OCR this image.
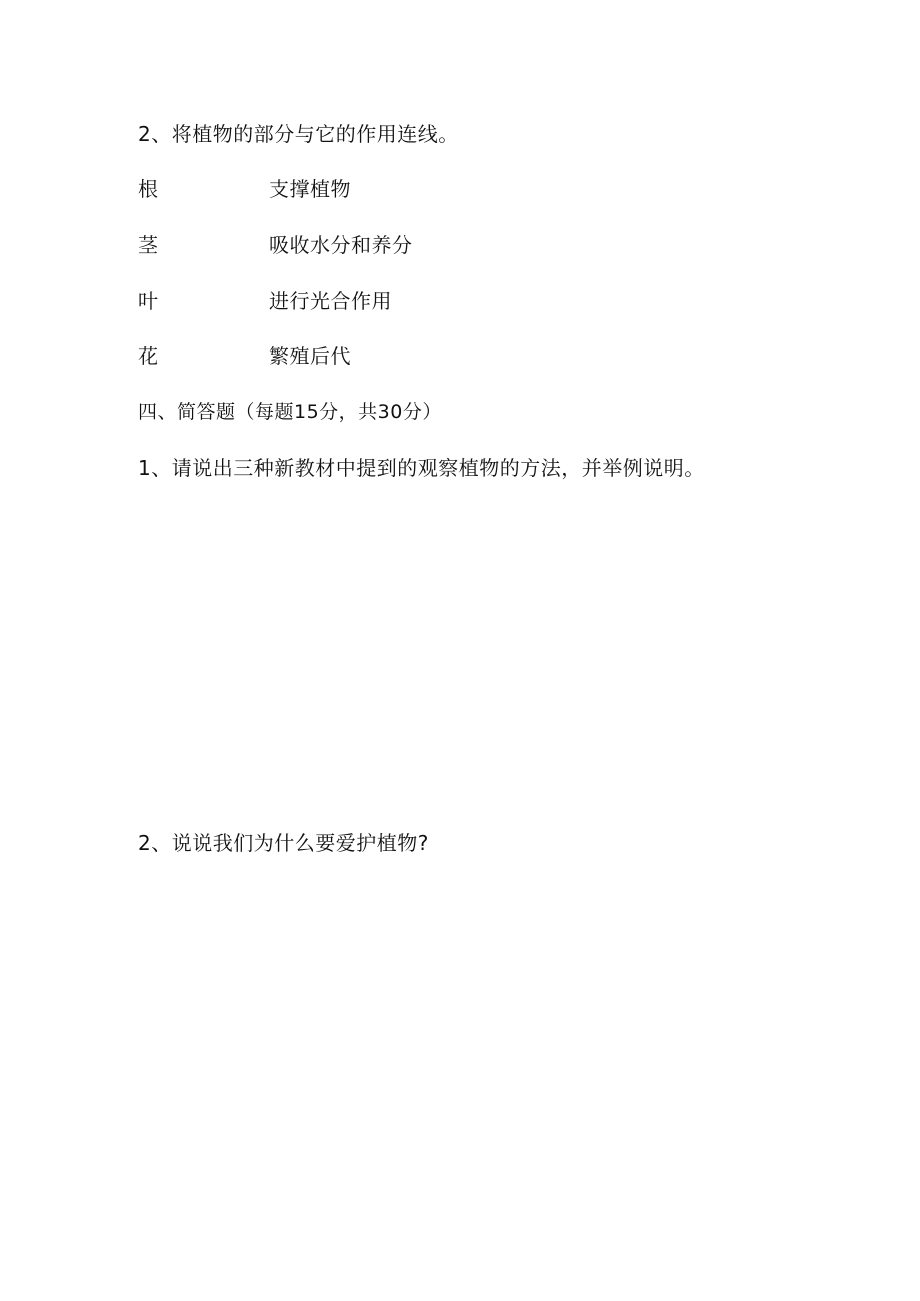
2、将植物的部分与它的作用连线。
根	支撑植物
茎	吸收水分和养分
叶	进行光合作用
花	繁殖后代
四、简答题（每题15分，共30分）
1、请说出三种新教材中提到的观察植物的方法，并举例说明。
2、说说我们为什么要爱护植物?
